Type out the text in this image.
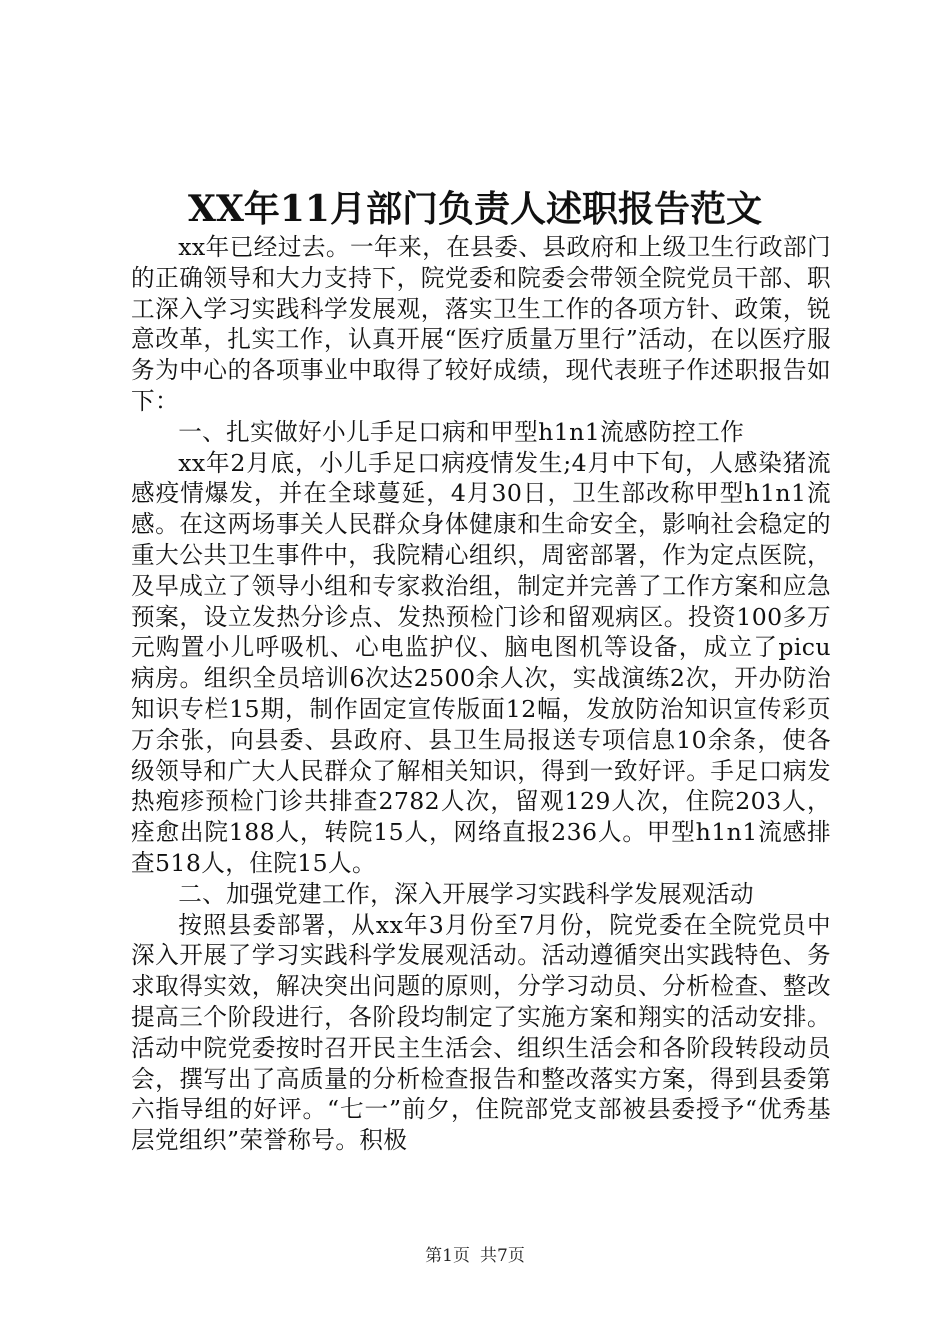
XX年11月部门负责人述职报告范文

xx年已经过去。一年来，在县委、县政府和上级卫生行政部门的正确领导和大力支持下，院党委和院委会带领全院党员干部、职工深入学习实践科学发展观，落实卫生工作的各项方针、政策，锐意改革，扎实工作，认真开展“医疗质量万里行”活动，在以医疗服务为中心的各项事业中取得了较好成绩，现代表班子作述职报告如下：

一、扎实做好小儿手足口病和甲型h1n1流感防控工作

xx年2月底，小儿手足口病疫情发生;4月中下旬，人感染猪流感疫情爆发，并在全球蔓延，4月30日，卫生部改称甲型h1n1流感。在这两场事关人民群众身体健康和生命安全，影响社会稳定的重大公共卫生事件中，我院精心组织，周密部署，作为定点医院，及早成立了领导小组和专家救治组，制定并完善了工作方案和应急预案，设立发热分诊点、发热预检门诊和留观病区。投资100多万元购置小儿呼吸机、心电监护仪、脑电图机等设备，成立了picu病房。组织全员培训6次达2500余人次，实战演练2次，开办防治知识专栏15期，制作固定宣传版面12幅，发放防治知识宣传彩页万余张，向县委、县政府、县卫生局报送专项信息10余条，使各级领导和广大人民群众了解相关知识，得到一致好评。手足口病发热疱疹预检门诊共排查2782人次，留观129人次，住院203人，痊愈出院188人，转院15人，网络直报236人。甲型h1n1流感排查518人，住院15人。

二、加强党建工作，深入开展学习实践科学发展观活动

按照县委部署，从xx年3月份至7月份，院党委在全院党员中深入开展了学习实践科学发展观活动。活动遵循突出实践特色、务求取得实效，解决突出问题的原则，分学习动员、分析检查、整改提高三个阶段进行，各阶段均制定了实施方案和翔实的活动安排。活动中院党委按时召开民主生活会、组织生活会和各阶段转段动员会，撰写出了高质量的分析检查报告和整改落实方案，得到县委第六指导组的好评。“七一”前夕，住院部党支部被县委授予“优秀基层党组织”荣誉称号。积极

第1页 共7页
